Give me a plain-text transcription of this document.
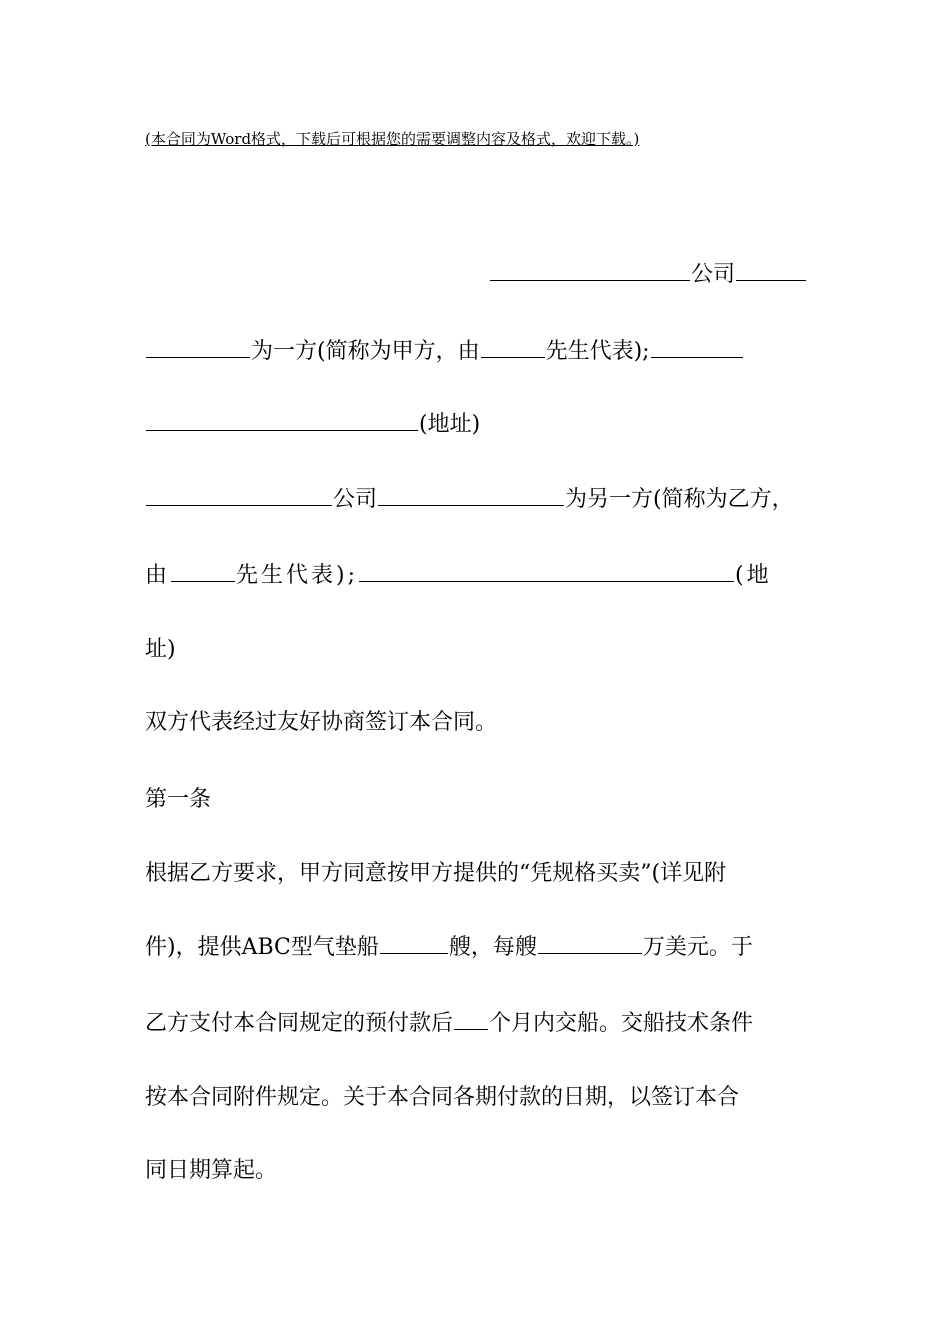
(本合同为Word格式，下载后可根据您的需要调整内容及格式，欢迎下载。)
公司
为一方(简称为甲方，由	先生代表);
(地址)
公司	为另一方(简称为乙方，
由	先生代表);	(地
址)
双方代表经过友好协商签订本合同。
第一条
根据乙方要求，甲方同意按甲方提供的“凭规格买卖”(详见附
件)，提供ABC型气垫船	艘，每艘	万美元。于
乙方支付本合同规定的预付款后 个月内交船。交船技术条件
按本合同附件规定。关于本合同各期付款的日期，以签订本合
同日期算起。
